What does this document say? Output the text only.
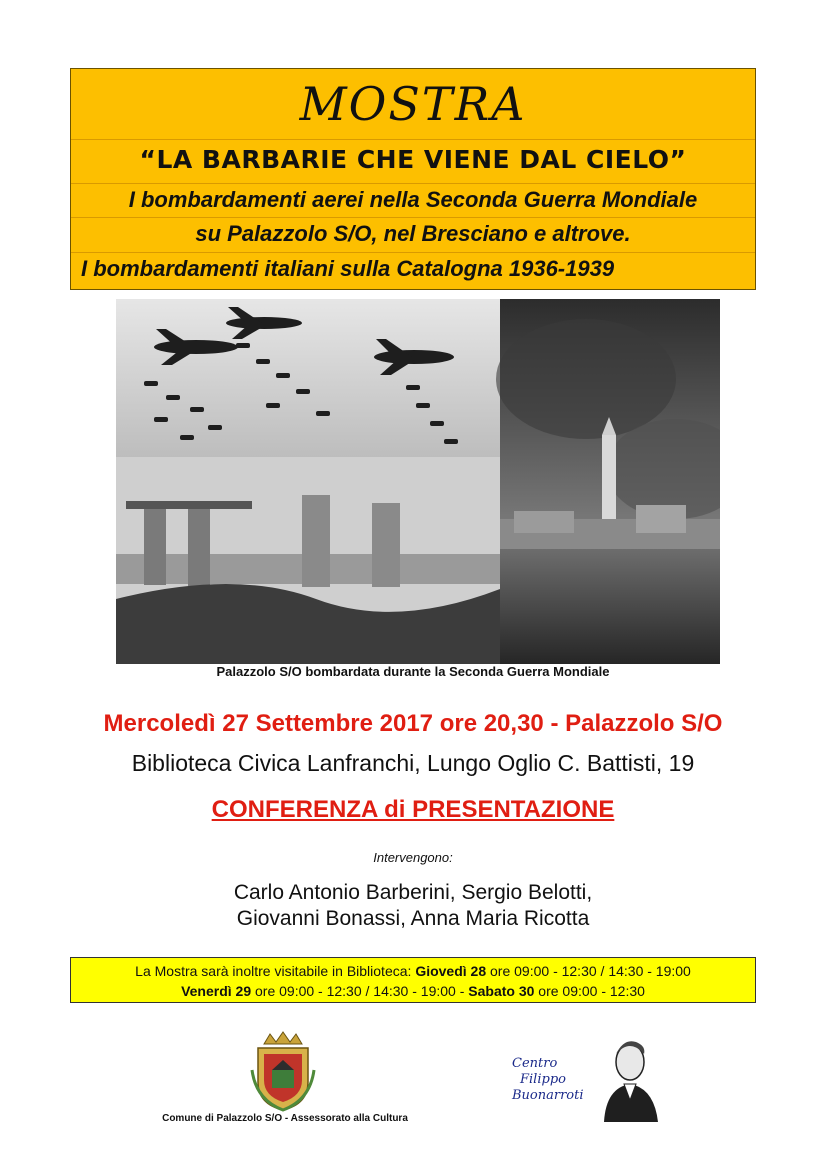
MOSTRA
“LA BARBARIE CHE VIENE DAL CIELO”
I bombardamenti aerei nella Seconda Guerra Mondiale
su Palazzolo S/O, nel Bresciano e altrove.
I bombardamenti italiani sulla Catalogna 1936-1939
Palazzolo S/O bombardata durante la Seconda Guerra Mondiale
Mercoledì 27 Settembre 2017 ore 20,30 - Palazzolo S/O
Biblioteca Civica Lanfranchi, Lungo Oglio C. Battisti, 19
CONFERENZA di PRESENTAZIONE
Intervengono:
Carlo Antonio Barberini, Sergio Belotti,
Giovanni Bonassi, Anna Maria Ricotta
La Mostra sarà inoltre visitabile in Biblioteca: Giovedì 28 ore 09:00 - 12:30 / 14:30 - 19:00
Venerdì 29 ore 09:00 - 12:30 / 14:30 - 19:00 - Sabato 30 ore 09:00 - 12:30
Comune di Palazzolo S/O - Assessorato alla Cultura
Centro
Filippo
Buonarroti
